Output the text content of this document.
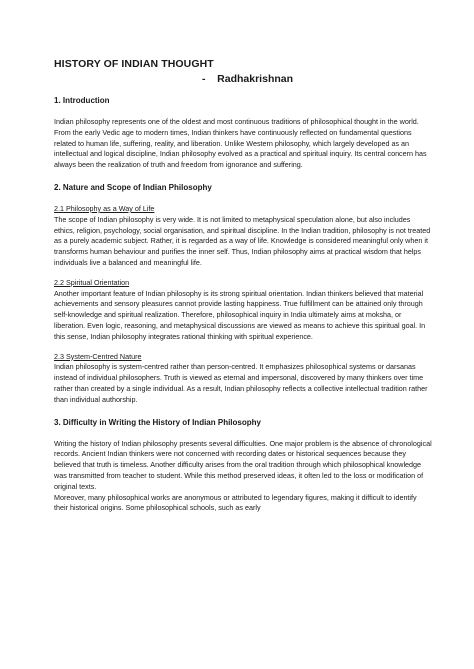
HISTORY OF INDIAN THOUGHT
-    Radhakrishnan
1. Introduction

Indian philosophy represents one of the oldest and most continuous traditions of philosophical thought in the world. From the early Vedic age to modern times, Indian thinkers have continuously reflected on fundamental questions related to human life, suffering, reality, and liberation. Unlike Western philosophy, which largely developed as an intellectual and logical discipline, Indian philosophy evolved as a practical and spiritual inquiry. Its central concern has always been the realization of truth and freedom from ignorance and suffering.

2. Nature and Scope of Indian Philosophy
2.1 Philosophy as a Way of Life

The scope of Indian philosophy is very wide. It is not limited to metaphysical speculation alone, but also includes ethics, religion, psychology, social organisation, and spiritual discipline. In the Indian tradition, philosophy is not treated as a purely academic subject. Rather, it is regarded as a way of life. Knowledge is considered meaningful only when it transforms human behaviour and purifies the inner self. Thus, Indian philosophy aims at practical wisdom that helps individuals live a balanced and meaningful life.

2.2 Spiritual Orientation

Another important feature of Indian philosophy is its strong spiritual orientation. Indian thinkers believed that material achievements and sensory pleasures cannot provide lasting happiness. True fulfillment can be attained only through self-knowledge and spiritual realization. Therefore, philosophical inquiry in India ultimately aims at moksha, or liberation. Even logic, reasoning, and metaphysical discussions are viewed as means to achieve this spiritual goal. In this sense, Indian philosophy integrates rational thinking with spiritual experience.

2.3 System-Centred Nature

Indian philosophy is system-centred rather than person-centred. It emphasizes philosophical systems or darsanas instead of individual philosophers. Truth is viewed as eternal and impersonal, discovered by many thinkers over time rather than created by a single individual. As a result, Indian philosophy reflects a collective intellectual tradition rather than individual authorship.

3. Difficulty in Writing the History of Indian Philosophy

Writing the history of Indian philosophy presents several difficulties. One major problem is the absence of chronological records. Ancient Indian thinkers were not concerned with recording dates or historical sequences because they believed that truth is timeless. Another difficulty arises from the oral tradition through which philosophical knowledge was transmitted from teacher to student. While this method preserved ideas, it often led to the loss or modification of original texts.

Moreover, many philosophical works are anonymous or attributed to legendary figures, making it difficult to identify their historical origins. Some philosophical schools, such as early
